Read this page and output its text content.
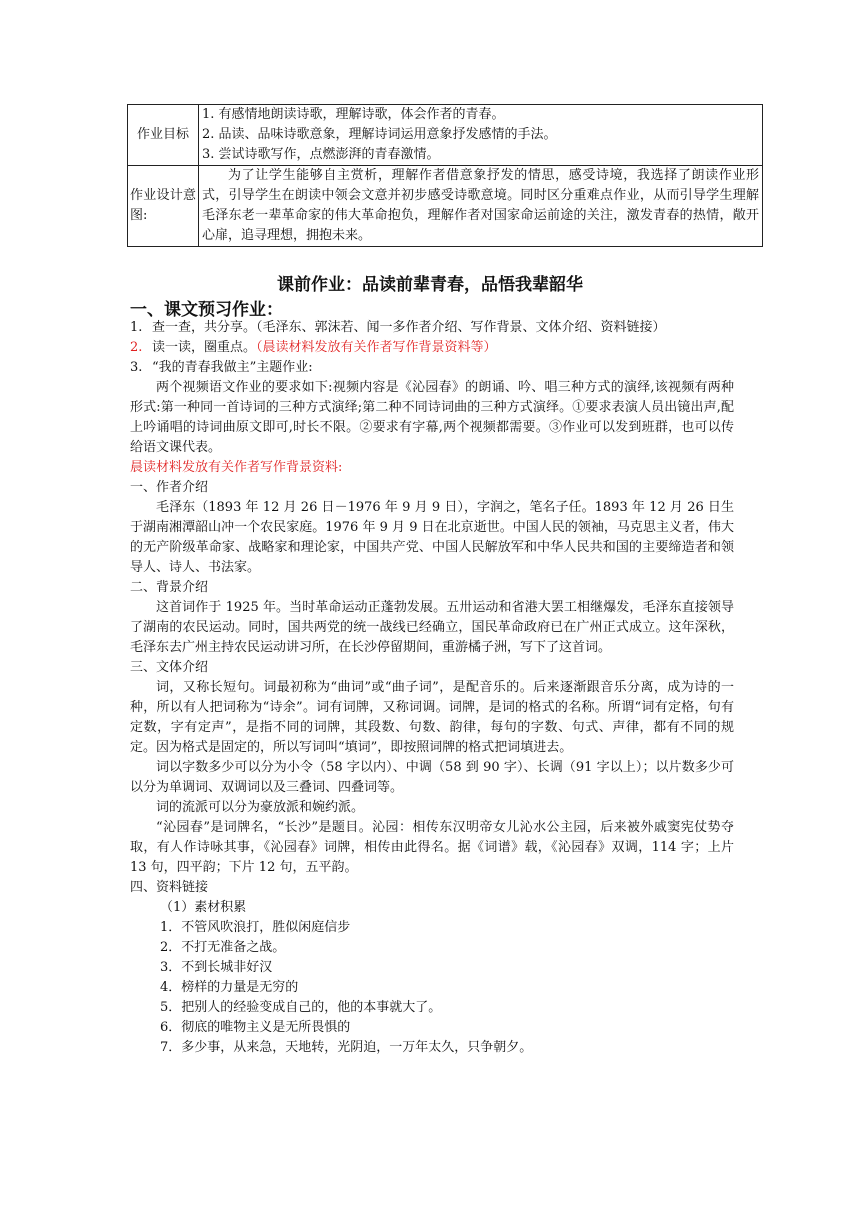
作业目标	1. 有感情地朗读诗歌，理解诗歌，体会作者的青春。
2. 品读、品味诗歌意象，理解诗词运用意象抒发感情的手法。
3. 尝试诗歌写作，点燃澎湃的青春激情。

作业设计意图:	为了让学生能够自主赏析，理解作者借意象抒发的情思，感受诗境，我选择了朗读作业形式，引导学生在朗读中领会文意并初步感受诗歌意境。同时区分重难点作业，从而引导学生理解毛泽东老一辈革命家的伟大革命抱负，理解作者对国家命运前途的关注，激发青春的热情，敞开心扉，追寻理想，拥抱未来。
课前作业：品读前辈青春，品悟我辈韶华
一、课文预习作业：

1. 查一查，共分享。（毛泽东、郭沫若、闻一多作者介绍、写作背景、文体介绍、资料链接）

2. 读一读，圈重点。（晨读材料发放有关作者写作背景资料等）

3. “我的青春我做主”主题作业:

两个视频语文作业的要求如下:视频内容是《沁园春》的朗诵、吟、唱三种方式的演绎,该视频有两种形式:第一种同一首诗词的三种方式演绎;第二种不同诗词曲的三种方式演绎。①要求表演人员出镜出声,配上吟诵唱的诗词曲原文即可,时长不限。②要求有字幕,两个视频都需要。③作业可以发到班群，也可以传给语文课代表。

晨读材料发放有关作者写作背景资料:

一、作者介绍

毛泽东（1893 年 12 月 26 日－1976 年 9 月 9 日），字润之，笔名子任。1893 年 12 月 26 日生于湖南湘潭韶山冲一个农民家庭。1976 年 9 月 9 日在北京逝世。中国人民的领袖，马克思主义者，伟大的无产阶级革命家、战略家和理论家，中国共产党、中国人民解放军和中华人民共和国的主要缔造者和领导人、诗人、书法家。

二、背景介绍

这首词作于 1925 年。当时革命运动正蓬勃发展。五卅运动和省港大罢工相继爆发，毛泽东直接领导了湖南的农民运动。同时，国共两党的统一战线已经确立，国民革命政府已在广州正式成立。这年深秋，毛泽东去广州主持农民运动讲习所，在长沙停留期间，重游橘子洲，写下了这首词。

三、文体介绍

词，又称长短句。词最初称为“曲词”或“曲子词”，是配音乐的。后来逐渐跟音乐分离，成为诗的一种，所以有人把词称为“诗余”。词有词牌，又称词调。词牌，是词的格式的名称。所谓“词有定格，句有定数，字有定声”，是指不同的词牌，其段数、句数、韵律，每句的字数、句式、声律，都有不同的规定。因为格式是固定的，所以写词叫“填词”，即按照词牌的格式把词填进去。

词以字数多少可以分为小令（58 字以内）、中调（58 到 90 字）、长调（91 字以上）；以片数多少可以分为单调词、双调词以及三叠词、四叠词等。

词的流派可以分为豪放派和婉约派。

“沁园春”是词牌名，“长沙”是题目。沁园：相传东汉明帝女儿沁水公主园，后来被外戚窦宪仗势夺取，有人作诗咏其事，《沁园春》词牌，相传由此得名。据《词谱》载，《沁园春》双调，114 字；上片 13 句，四平韵；下片 12 句，五平韵。

四、资料链接

（1）素材积累

1．不管风吹浪打，胜似闲庭信步

2．不打无准备之战。

3．不到长城非好汉

4．榜样的力量是无穷的

5．把别人的经验变成自己的，他的本事就大了。

6．彻底的唯物主义是无所畏惧的

7．多少事，从来急，天地转，光阴迫，一万年太久，只争朝夕。
